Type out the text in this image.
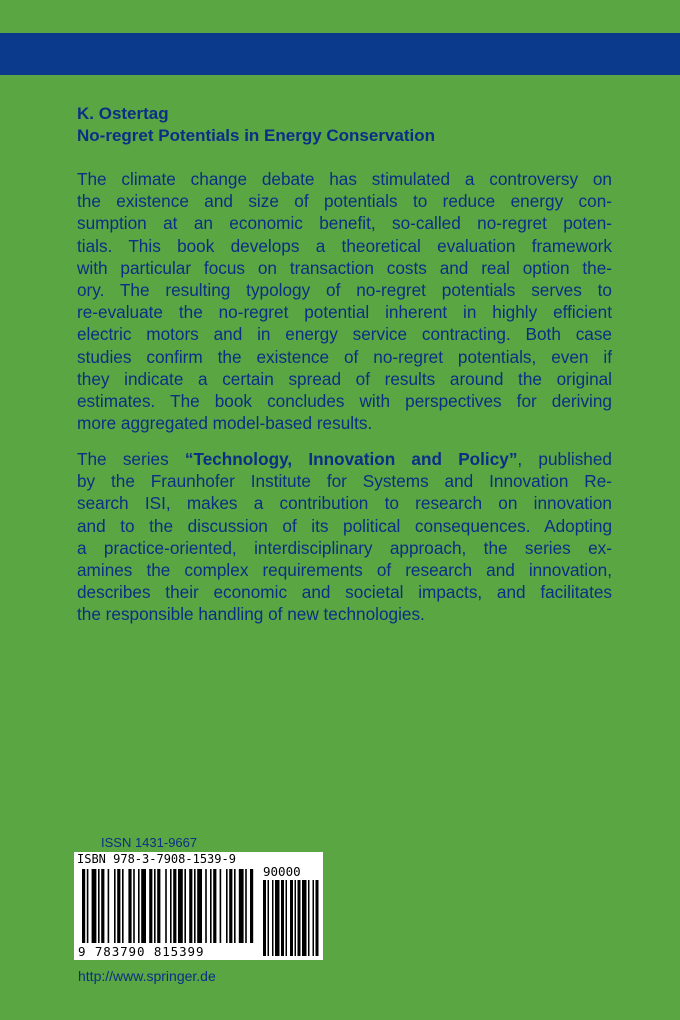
K. Ostertag
No-regret Potentials in Energy Conservation
The climate change debate has stimulated a controversy on
the existence and size of potentials to reduce energy con-
sumption at an economic benefit, so-called no-regret poten-
tials. This book develops a theoretical evaluation framework
with particular focus on transaction costs and real option the-
ory. The resulting typology of no-regret potentials serves to
re-evaluate the no-regret potential inherent in highly efficient
electric motors and in energy service contracting. Both case
studies confirm the existence of no-regret potentials, even if
they indicate a certain spread of results around the original
estimates. The book concludes with perspectives for deriving
more aggregated model-based results.
The series “Technology, Innovation and Policy”, published
by the Fraunhofer Institute for Systems and Innovation Re-
search ISI, makes a contribution to research on innovation
and to the discussion of its political consequences. Adopting
a practice-oriented, interdisciplinary approach, the series ex-
amines the complex requirements of research and innovation,
describes their economic and societal impacts, and facilitates
the responsible handling of new technologies.
ISSN 1431-9667
ISBN 978-3-7908-1539-9
90000
9 783790 815399
http://www.springer.de
